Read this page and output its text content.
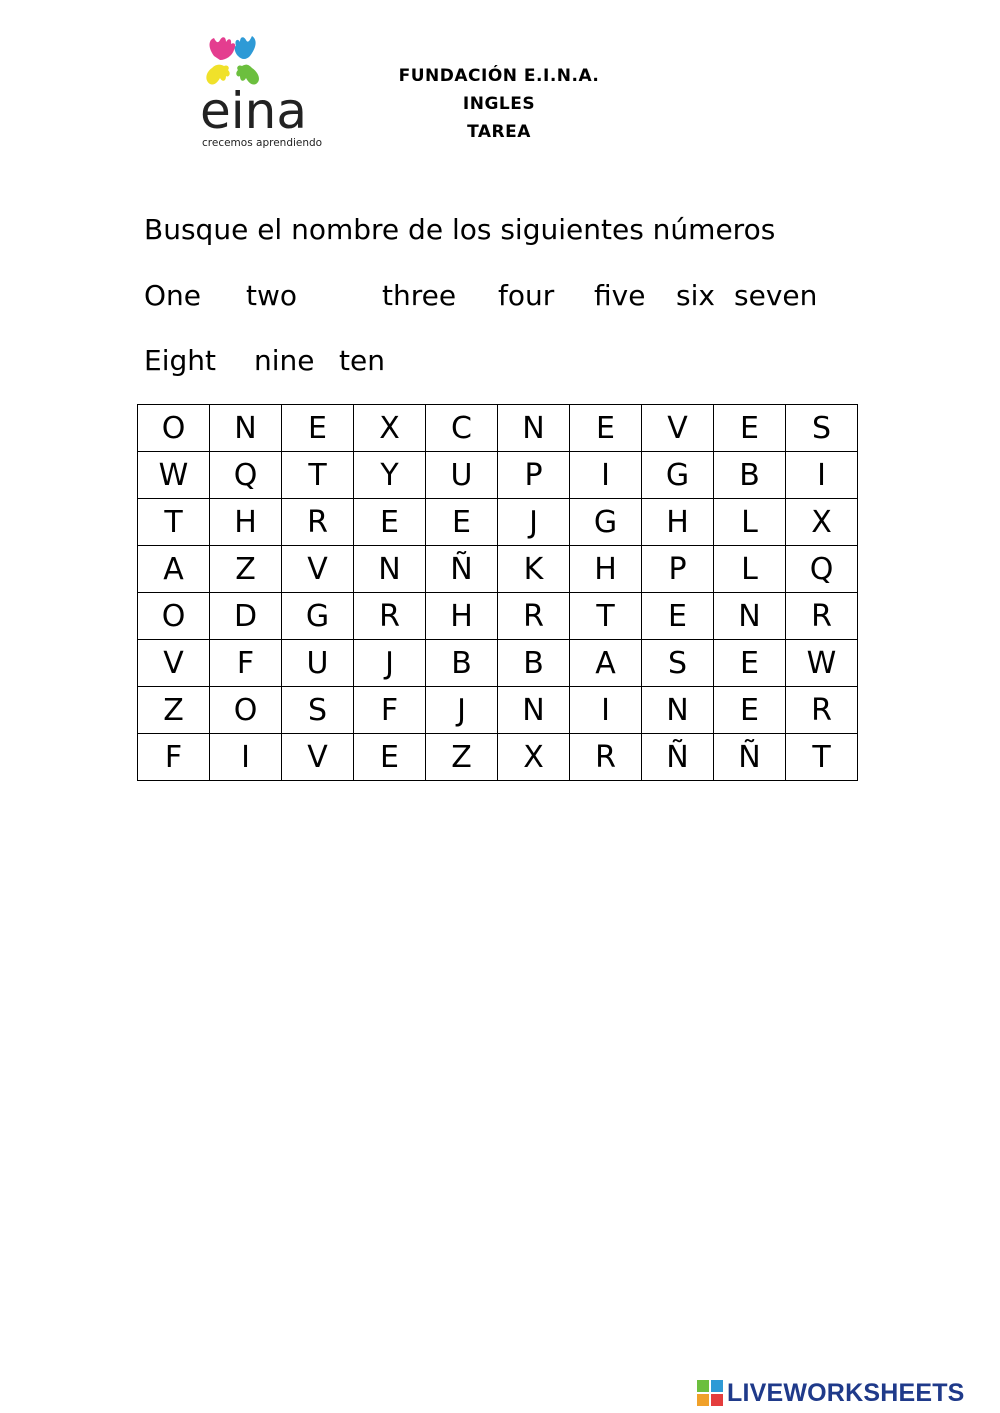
eina
crecemos aprendiendo
FUNDACIÓN E.I.N.A.
INGLES
TAREA
Busque el nombre de los siguientes números
One two	three four five six seven
Eight nine ten
O	N	E	X	C	N	E	V	E	S
W	Q	T	Y	U	P	I	G	B	I
T	H	R	E	E	J	G	H	L	X
A	Z	V	N	Ñ	K	H	P	L	Q
O	D	G	R	H	R	T	E	N	R
V	F	U	J	B	B	A	S	E	W
Z	O	S	F	J	N	I	N	E	R
F	I	V	E	Z	X	R	Ñ	Ñ	T
LIVEWORKSHEETS
